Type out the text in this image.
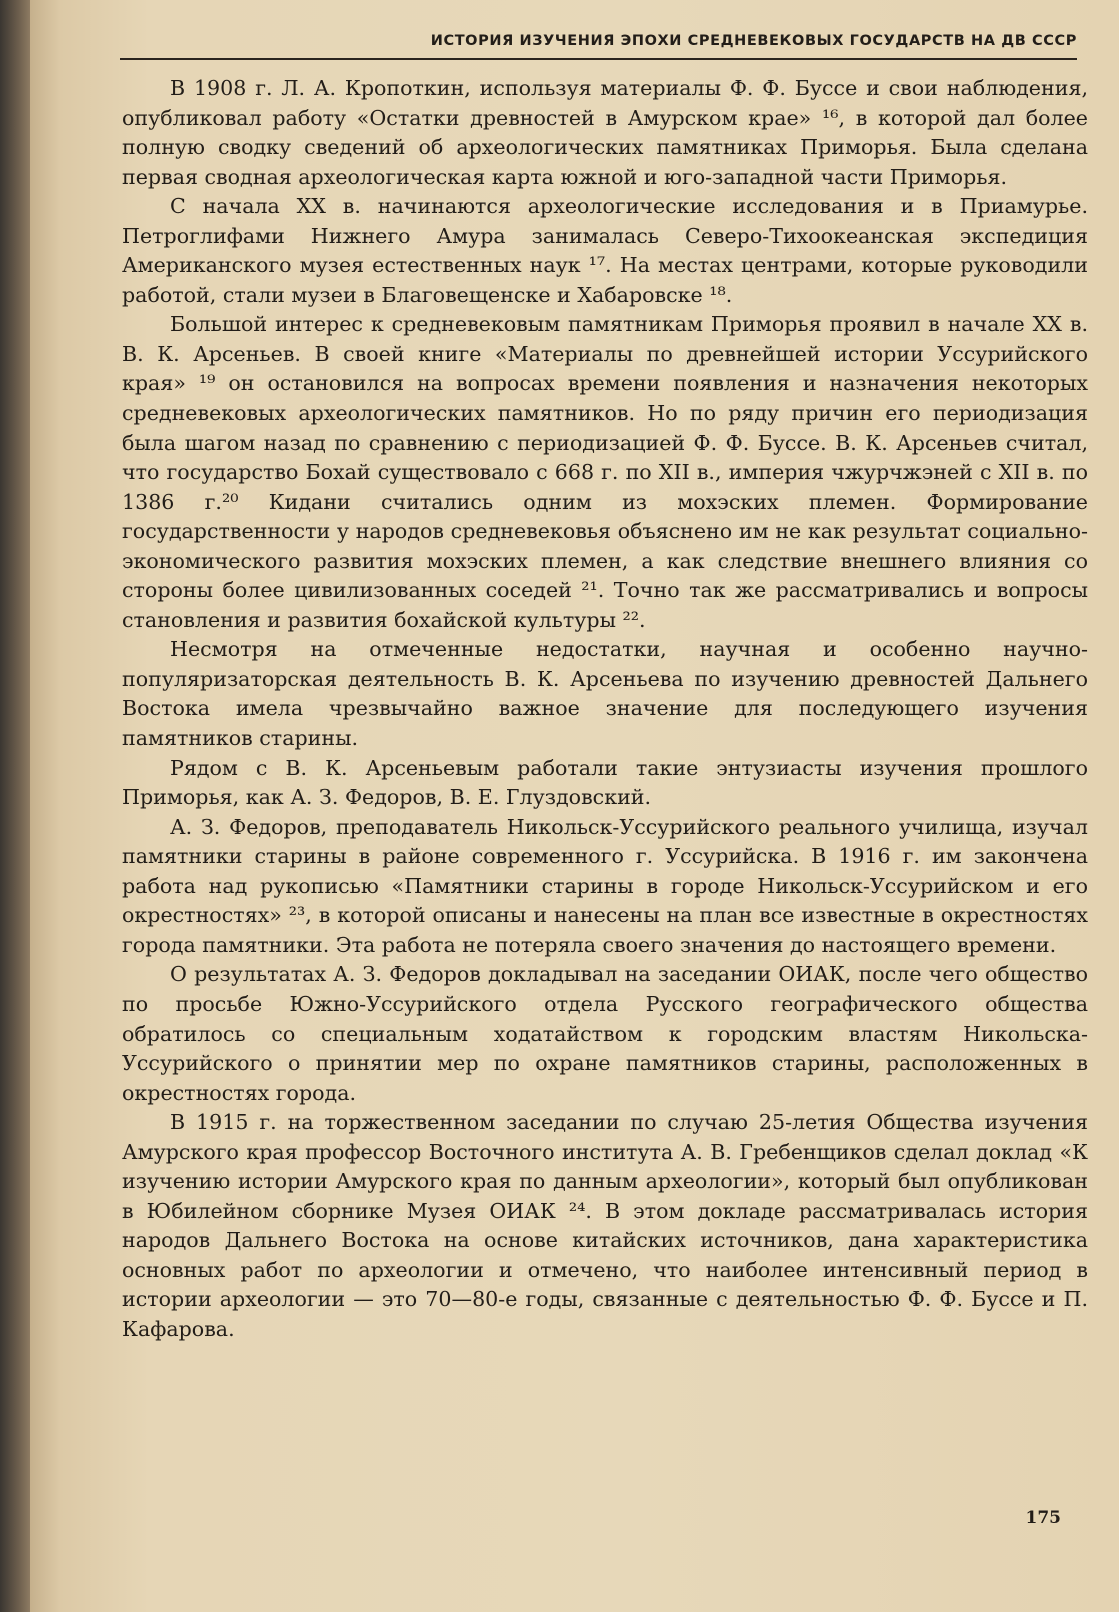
ИСТОРИЯ ИЗУЧЕНИЯ ЭПОХИ СРЕДНЕВЕКОВЫХ ГОСУДАРСТВ НА ДВ СССР

В 1908 г. Л. А. Кропоткин, используя материалы Ф. Ф. Буссе и свои наблюдения, опубликовал работу «Остатки древностей в Амурском крае» ¹⁶, в которой дал более полную сводку сведений об археологических памятниках Приморья. Была сделана первая сводная археологическая карта южной и юго-западной части Приморья.

С начала XX в. начинаются археологические исследования и в Приамурье. Петроглифами Нижнего Амура занималась Северо-Тихоокеанская экспедиция Американского музея естественных наук ¹⁷. На местах центрами, которые руководили работой, стали музеи в Благовещенске и Хабаровске ¹⁸.

Большой интерес к средневековым памятникам Приморья проявил в начале XX в. В. К. Арсеньев. В своей книге «Материалы по древнейшей истории Уссурийского края» ¹⁹ он остановился на вопросах времени появления и назначения некоторых средневековых археологических памятников. Но по ряду причин его периодизация была шагом назад по сравнению с периодизацией Ф. Ф. Буссе. В. К. Арсеньев считал, что государство Бохай существовало с 668 г. по XII в., империя чжурчжэней с XII в. по 1386 г.²⁰ Кидани считались одним из мохэских племен. Формирование государственности у народов средневековья объяснено им не как результат социально-экономического развития мохэских племен, а как следствие внешнего влияния со стороны более цивилизованных соседей ²¹. Точно так же рассматривались и вопросы становления и развития бохайской культуры ²².

Несмотря на отмеченные недостатки, научная и особенно научно-популяризаторская деятельность В. К. Арсеньева по изучению древностей Дальнего Востока имела чрезвычайно важное значение для последующего изучения памятников старины.

Рядом с В. К. Арсеньевым работали такие энтузиасты изучения прошлого Приморья, как А. З. Федоров, В. Е. Глуздовский.

А. З. Федоров, преподаватель Никольск-Уссурийского реального училища, изучал памятники старины в районе современного г. Уссурийска. В 1916 г. им закончена работа над рукописью «Памятники старины в городе Никольск-Уссурийском и его окрестностях» ²³, в которой описаны и нанесены на план все известные в окрестностях города памятники. Эта работа не потеряла своего значения до настоящего времени.

О результатах А. З. Федоров докладывал на заседании ОИАК, после чего общество по просьбе Южно-Уссурийского отдела Русского географического общества обратилось со специальным ходатайством к городским властям Никольска-Уссурийского о принятии мер по охране памятников старины, расположенных в окрестностях города.

В 1915 г. на торжественном заседании по случаю 25-летия Общества изучения Амурского края профессор Восточного института А. В. Гребенщиков сделал доклад «К изучению истории Амурского края по данным археологии», который был опубликован в Юбилейном сборнике Музея ОИАК ²⁴. В этом докладе рассматривалась история народов Дальнего Востока на основе китайских источников, дана характеристика основных работ по археологии и отмечено, что наиболее интенсивный период в истории археологии — это 70—80-е годы, связанные с деятельностью Ф. Ф. Буссе и П. Кафарова.

175
